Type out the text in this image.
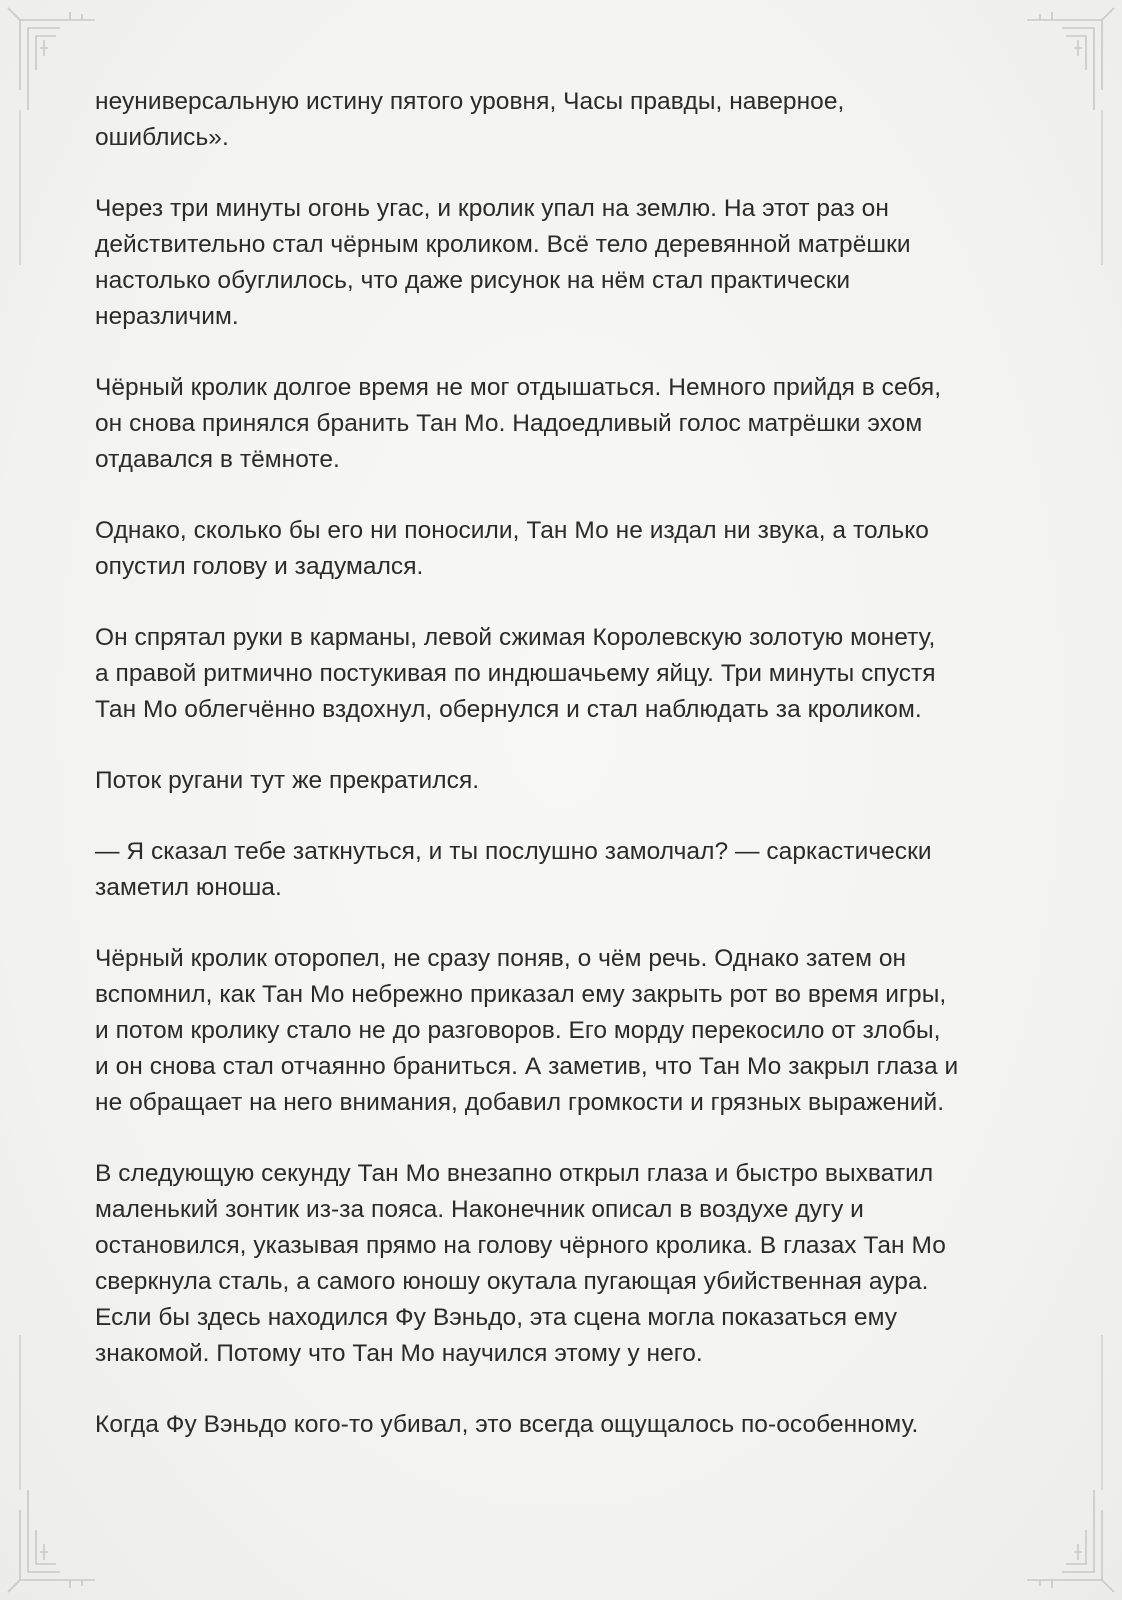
неуниверсальную истину пятого уровня, Часы правды, наверное,
ошиблись».

Через три минуты огонь угас, и кролик упал на землю. На этот раз он
действительно стал чёрным кроликом. Всё тело деревянной матрёшки
настолько обуглилось, что даже рисунок на нём стал практически
неразличим.

Чёрный кролик долгое время не мог отдышаться. Немного прийдя в себя,
он снова принялся бранить Тан Мо. Надоедливый голос матрёшки эхом
отдавался в тёмноте.

Однако, сколько бы его ни поносили, Тан Мо не издал ни звука, а только
опустил голову и задумался.

Он спрятал руки в карманы, левой сжимая Королевскую золотую монету,
а правой ритмично постукивая по индюшачьему яйцу. Три минуты спустя
Тан Мо облегчённо вздохнул, обернулся и стал наблюдать за кроликом.

Поток ругани тут же прекратился.

— Я сказал тебе заткнуться, и ты послушно замолчал? — саркастически
заметил юноша.

Чёрный кролик оторопел, не сразу поняв, о чём речь. Однако затем он
вспомнил, как Тан Мо небрежно приказал ему закрыть рот во время игры,
и потом кролику стало не до разговоров. Его морду перекосило от злобы,
и он снова стал отчаянно браниться. А заметив, что Тан Мо закрыл глаза и
не обращает на него внимания, добавил громкости и грязных выражений.

В следующую секунду Тан Мо внезапно открыл глаза и быстро выхватил
маленький зонтик из-за пояса. Наконечник описал в воздухе дугу и
остановился, указывая прямо на голову чёрного кролика. В глазах Тан Мо
сверкнула сталь, а самого юношу окутала пугающая убийственная аура.
Если бы здесь находился Фу Вэньдо, эта сцена могла показаться ему
знакомой. Потому что Тан Мо научился этому у него.

Когда Фу Вэньдо кого-то убивал, это всегда ощущалось по-особенному.
